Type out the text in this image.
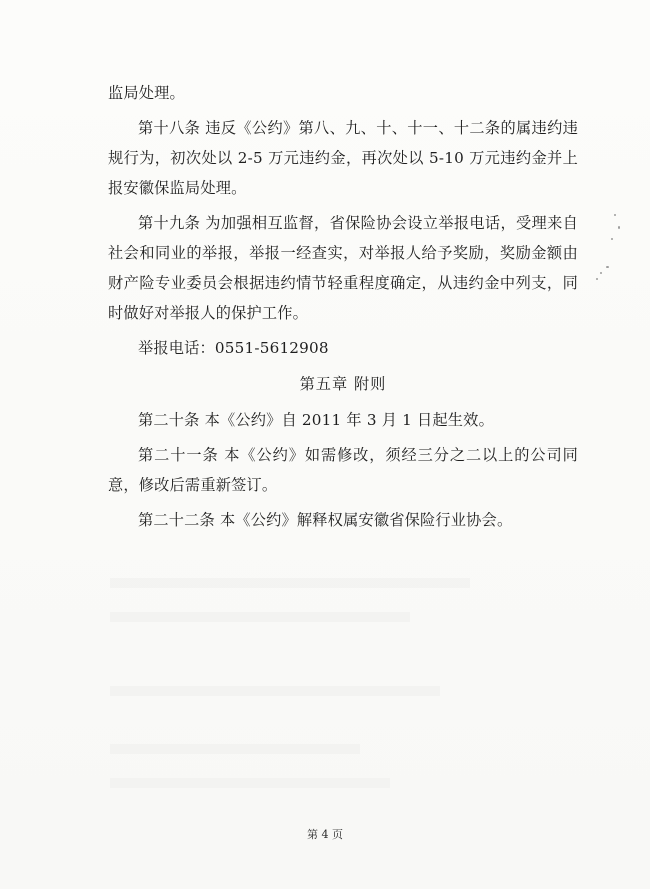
监局处理。

第十八条 违反《公约》第八、九、十、十一、十二条的属违约违规行为，初次处以 2-5 万元违约金，再次处以 5-10 万元违约金并上报安徽保监局处理。

第十九条 为加强相互监督，省保险协会设立举报电话，受理来自社会和同业的举报，举报一经查实，对举报人给予奖励，奖励金额由财产险专业委员会根据违约情节轻重程度确定，从违约金中列支，同时做好对举报人的保护工作。

举报电话：0551-5612908

第五章 附则

第二十条 本《公约》自 2011 年 3 月 1 日起生效。

第二十一条 本《公约》如需修改，须经三分之二以上的公司同意，修改后需重新签订。

第二十二条 本《公约》解释权属安徽省保险行业协会。

第 4 页
